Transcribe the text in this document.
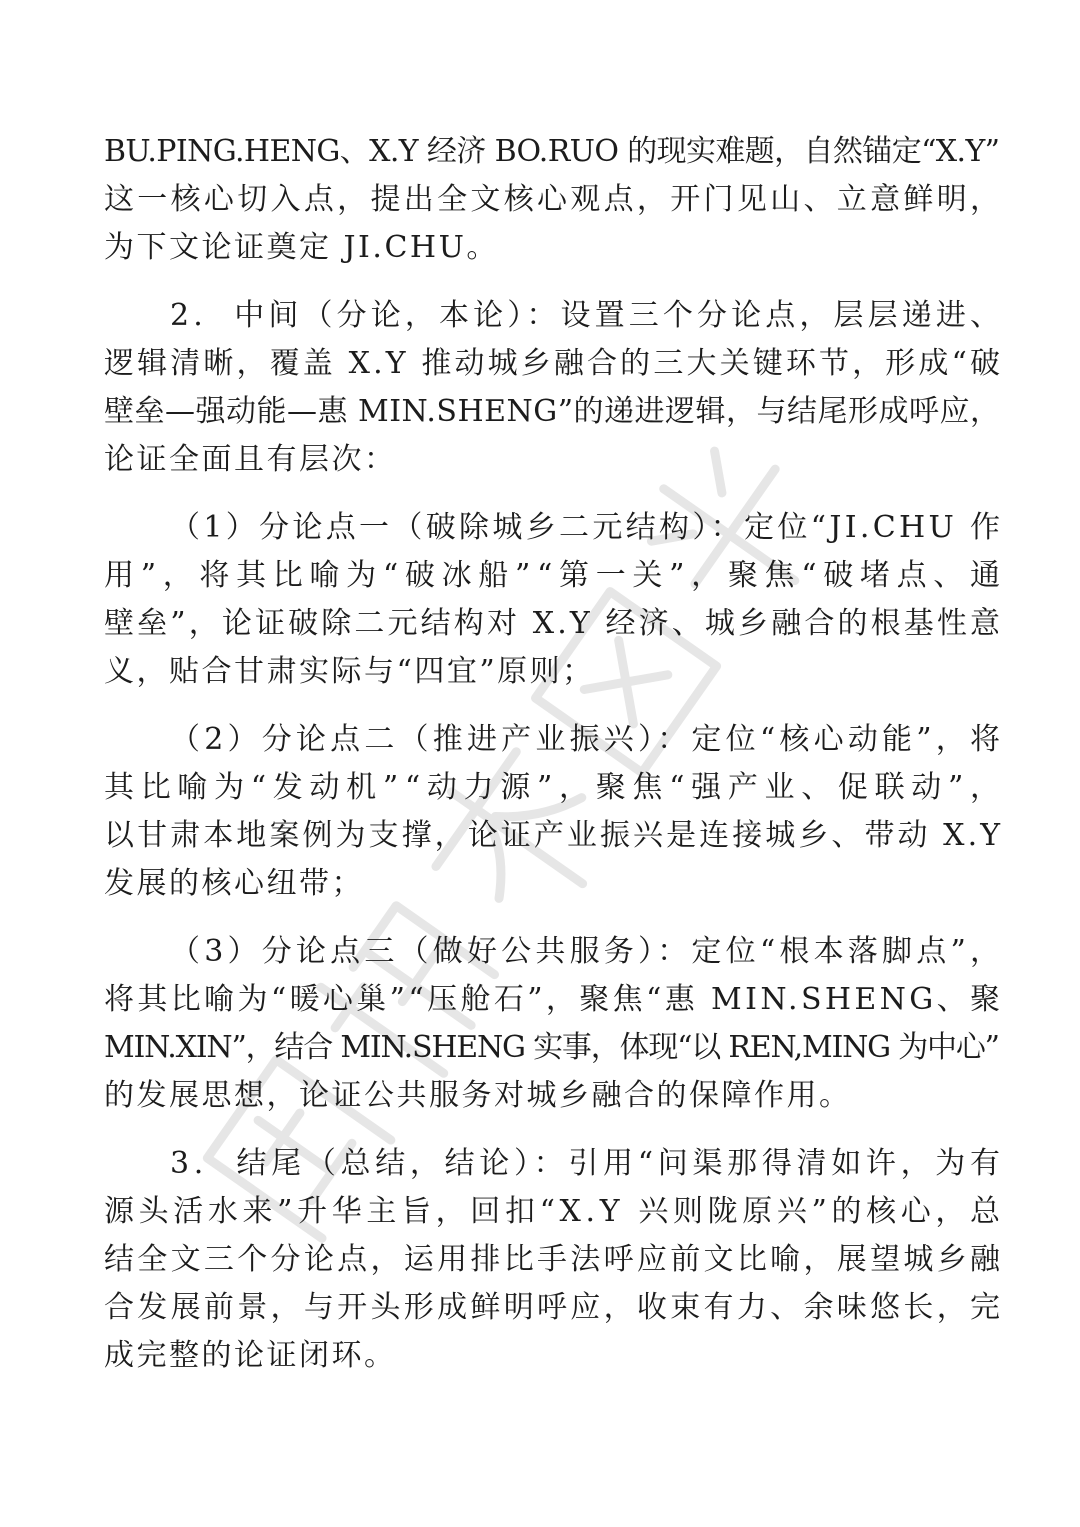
BU.PING.HENG、X.Y 经济 BO.RUO 的现实难题，自然锚定“X.Y”
这一核心切入点，提出全文核心观点，开门见山、立意鲜明，
为下文论证奠定 JI.CHU。
2.  中间（分论，本论）：设置三个分论点，层层递进、
逻辑清晰，覆盖 X.Y 推动城乡融合的三大关键环节，形成“破
壁垒—强动能—惠 MIN.SHENG”的递进逻辑，与结尾形成呼应，
论证全面且有层次：
（1）分论点一（破除城乡二元结构）：定位“JI.CHU 作
用”，将其比喻为“破冰船”“第一关”，聚焦“破堵点、通
壁垒”，论证破除二元结构对 X.Y 经济、城乡融合的根基性意
义，贴合甘肃实际与“四宜”原则；
（2）分论点二（推进产业振兴）：定位“核心动能”，将
其比喻为“发动机”“动力源”，聚焦“强产业、促联动”，
以甘肃本地案例为支撑，论证产业振兴是连接城乡、带动 X.Y
发展的核心纽带；
（3）分论点三（做好公共服务）：定位“根本落脚点”，
将其比喻为“暖心巢”“压舱石”，聚焦“惠 MIN.SHENG、聚
MIN.XIN”，结合 MIN.SHENG 实事，体现“以 REN,MING 为中心”
的发展思想，论证公共服务对城乡融合的保障作用。
3.  结尾（总结，结论）：引用“问渠那得清如许，为有
源头活水来”升华主旨，回扣“X.Y 兴则陇原兴”的核心，总
结全文三个分论点，运用排比手法呼应前文比喻，展望城乡融
合发展前景，与开头形成鲜明呼应，收束有力、余味悠长，完
成完整的论证闭环。
